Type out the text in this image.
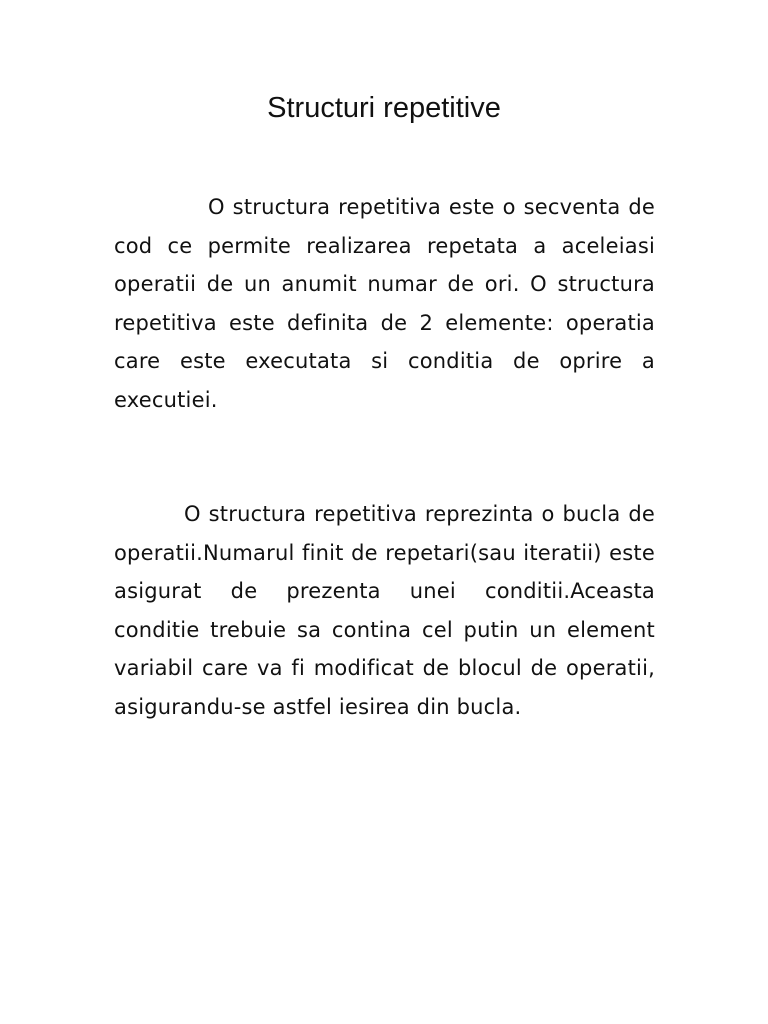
Structuri repetitive

O structura repetitiva este o secventa de cod ce permite realizarea repetata a aceleiasi operatii de un anumit numar de ori. O structura repetitiva este definita de 2 elemente: operatia care este executata si conditia de oprire a executiei.

O structura repetitiva reprezinta o bucla de operatii.Numarul finit de repetari(sau iteratii) este asigurat de prezenta unei conditii.Aceasta conditie trebuie sa contina cel putin un element variabil care va fi modificat de blocul de operatii, asigurandu-se astfel iesirea din bucla.
